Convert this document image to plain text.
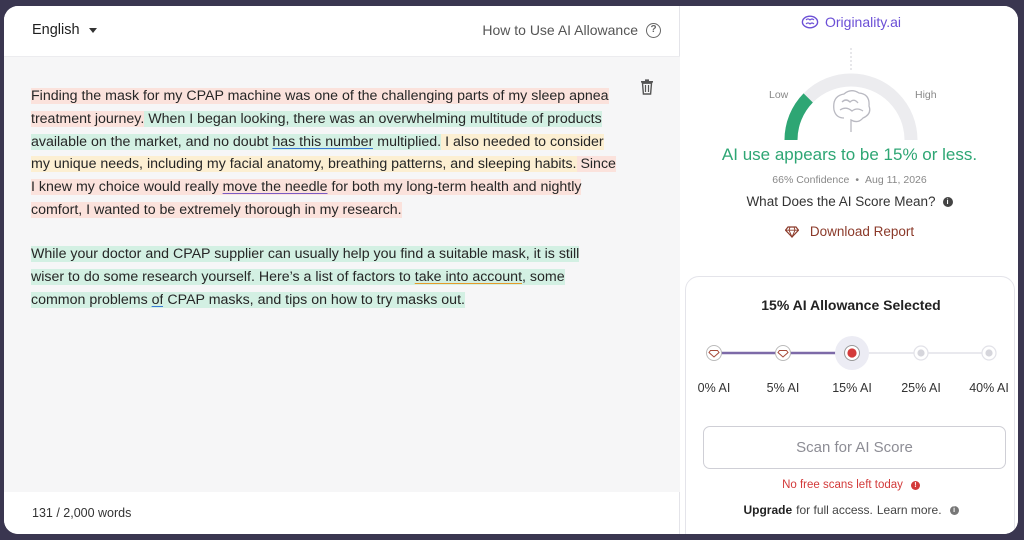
English	How to Use AI Allowance	?
Finding the mask for my CPAP machine was one of the challenging parts of my sleep apnea treatment journey. When I began looking, there was an overwhelming multitude of products available on the market, and no doubt has this number multiplied. I also needed to consider my unique needs, including my facial anatomy, breathing patterns, and sleeping habits. Since I knew my choice would really move the needle for both my long-term health and nightly comfort, I wanted to be extremely thorough in my research.
While your doctor and CPAP supplier can usually help you find a suitable mask, it is still wiser to do some research yourself. Here’s a list of factors to take into account, some common problems of CPAP masks, and tips on how to try masks out.
131 / 2,000 words
Originality.ai
Low	High
AI use appears to be 15% or less.
66% Confidence • Aug 11, 2026
What Does the AI Score Mean?	i
Download Report
15% AI Allowance Selected
0% AI	5% AI	15% AI	25% AI	40% AI
Scan for AI Score
No free scans left today	!
Upgrade for full access. Learn more.	i
